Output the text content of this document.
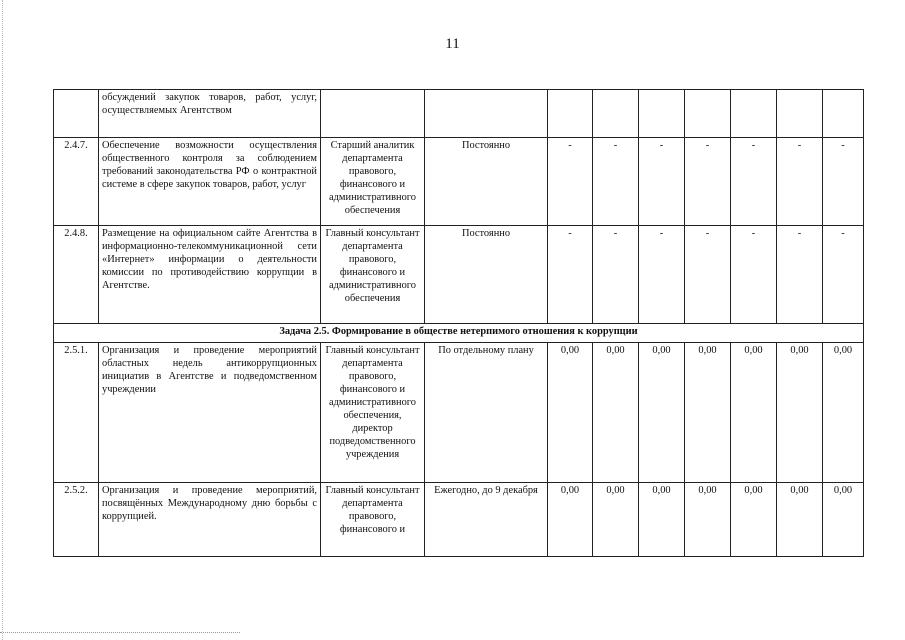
11
	обсуждений закупок товаров, работ, услуг, осуществляемых Агентством									
2.4.7.	Обеспечение возможности осуществления общественного контроля за соблюдением требований законодательства РФ о контрактной системе в сфере закупок товаров, работ, услуг	Старший аналитик департамента правового, финансового и административного обеспечения	Постоянно	-	-	-	-	-	-	-
2.4.8.	Размещение на официальном сайте Агентства в информационно-телекоммуникационной сети «Интернет» информации о деятельности комиссии по противодействию коррупции в Агентстве.	Главный консультант департамента правового, финансового и административного обеспечения	Постоянно	-	-	-	-	-	-	-
Задача 2.5. Формирование в обществе нетерпимого отношения к коррупции										
2.5.1.	Организация и проведение мероприятий областных недель антикоррупционных инициатив в Агентстве и подведомственном учреждении	Главный консультант департамента правового, финансового и административного обеспечения, директор подведомственного учреждения	По отдельному плану	0,00	0,00	0,00	0,00	0,00	0,00	0,00
2.5.2.	Организация и проведение мероприятий, посвящённых Международному дню борьбы с коррупцией.	Главный консультант департамента правового, финансового и	Ежегодно, до 9 декабря	0,00	0,00	0,00	0,00	0,00	0,00	0,00
